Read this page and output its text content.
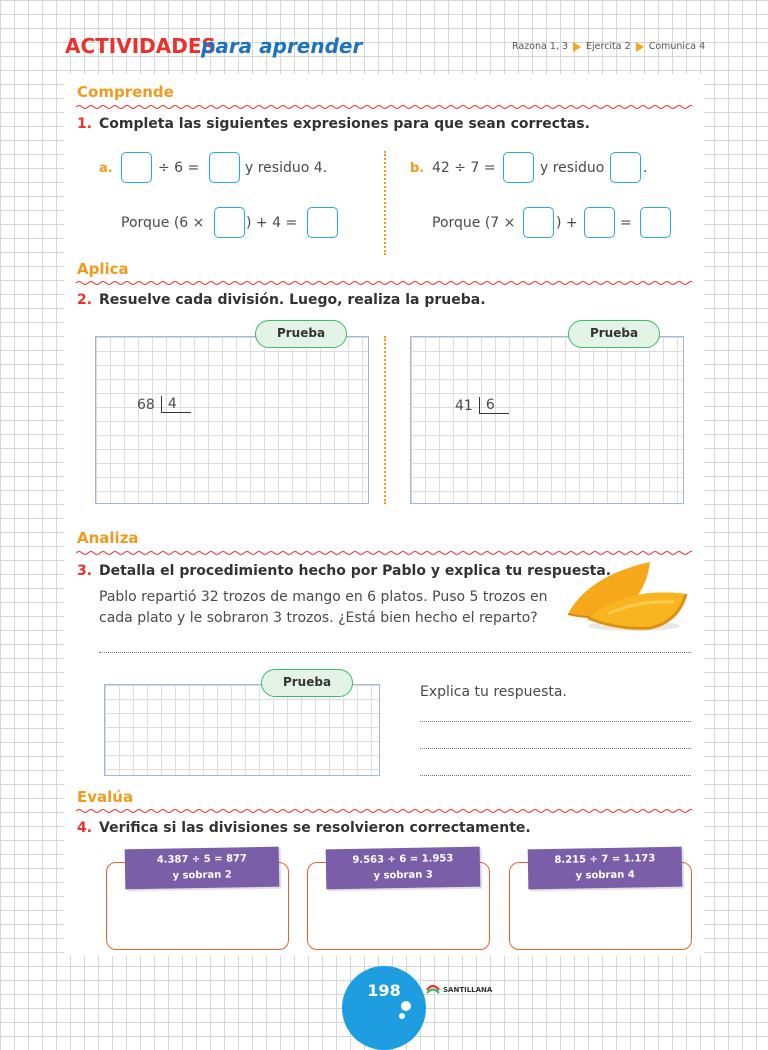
ACTIVIDADES
para aprender	Razona 1, 3 Ejercita 2 Comunica 4
Comprende
1. Completa las siguientes expresiones para que sean correctas.
a.	÷ 6 =	y residuo 4.
Porque (6 ×	) + 4 =
b. 42 ÷ 7 =	y residuo	.
Porque (7 ×	) +	=
Aplica
2. Resuelve cada división. Luego, realiza la prueba.
Prueba
68 4
Prueba
41 6
Analiza
3. Detalla el procedimiento hecho por Pablo y explica tu respuesta.
Pablo repartió 32 trozos de mango en 6 platos. Puso 5 trozos en
cada plato y le sobraron 3 trozos. ¿Está bien hecho el reparto?
Prueba
Explica tu respuesta.
Evalúa
4. Verifica si las divisiones se resolvieron correctamente.
4.387 ÷ 5 = 877
y sobran 2
9.563 ÷ 6 = 1.953
y sobran 3
8.215 ÷ 7 = 1.173
y sobran 4
198	SANTILLANA
